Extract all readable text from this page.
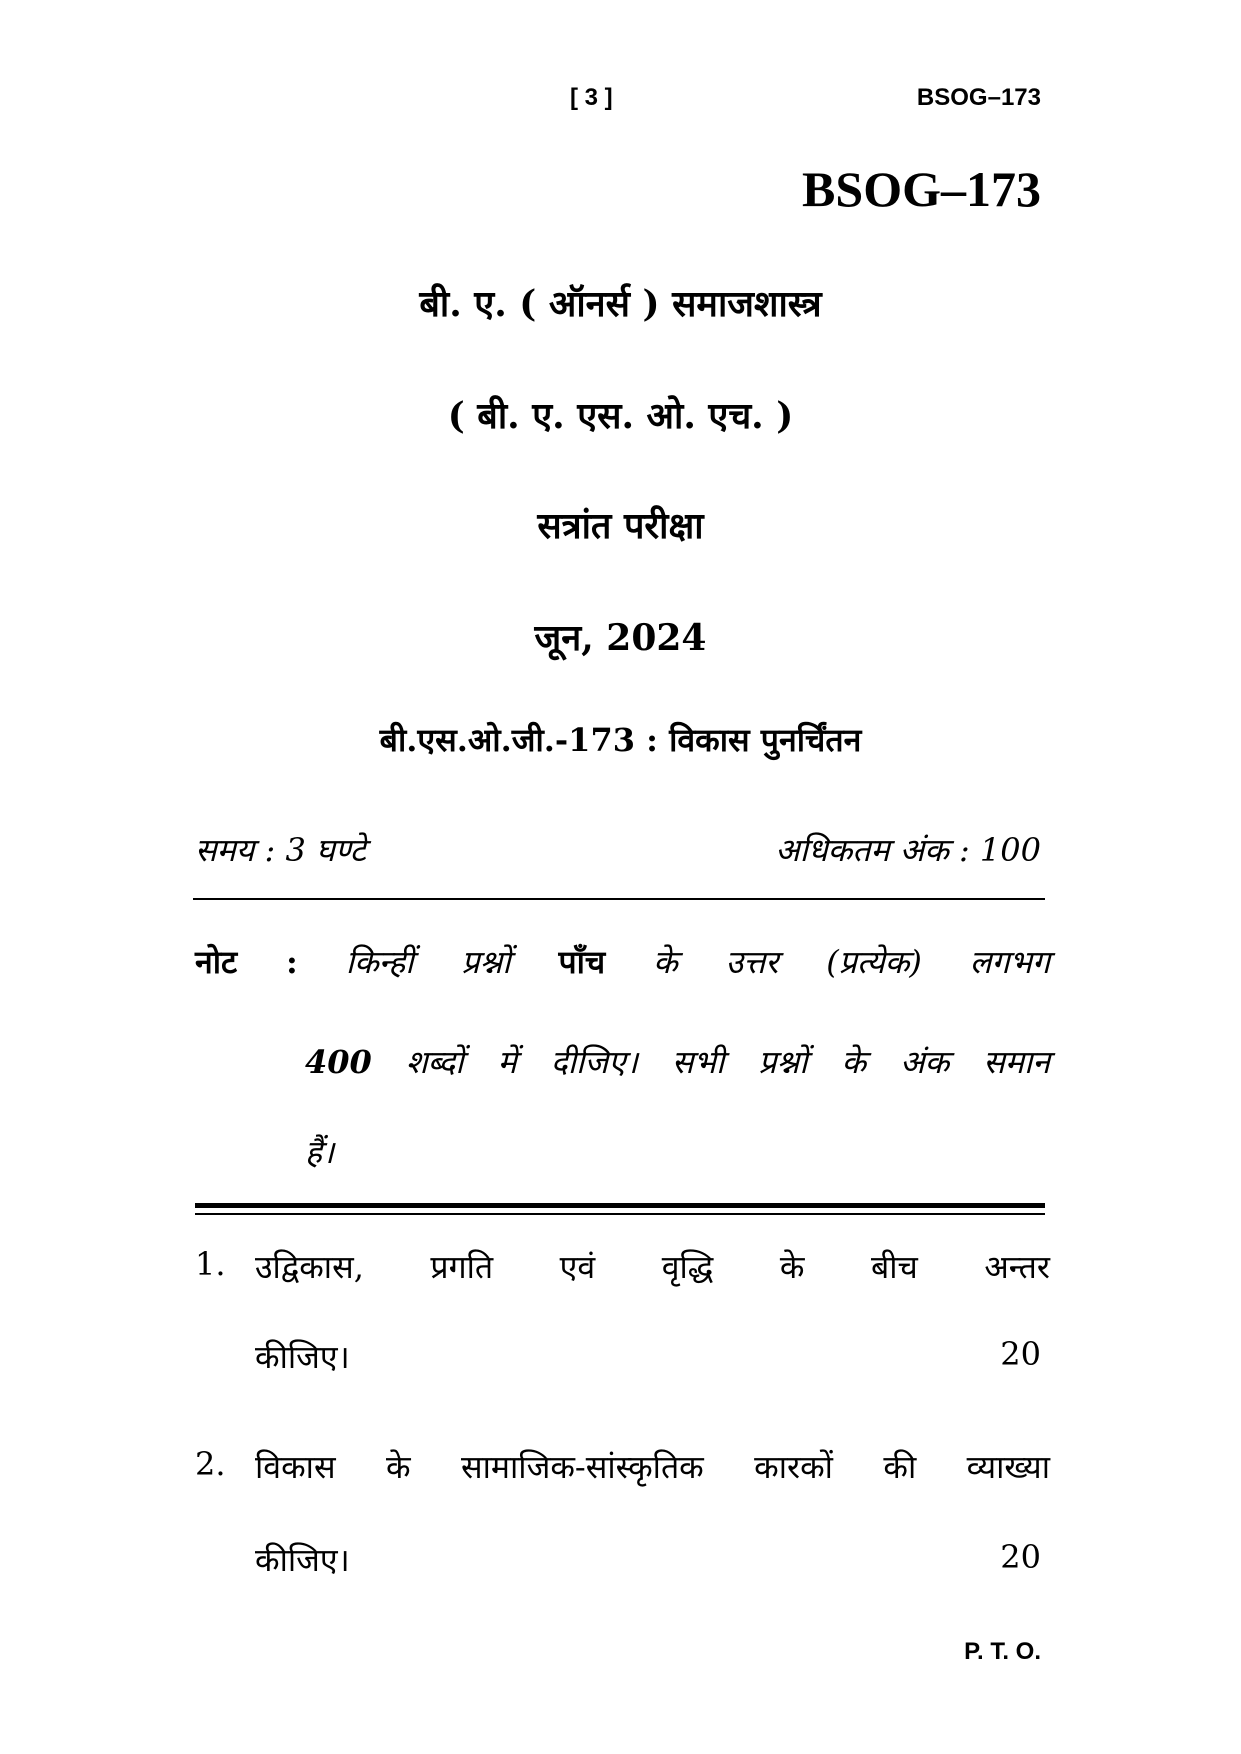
[ 3 ]	BSOG–173
BSOG–173
बी. ए. ( ऑनर्स ) समाजशास्त्र
( बी. ए. एस. ओ. एच. )
सत्रांत परीक्षा
जून, 2024
बी.एस.ओ.जी.-173 : विकास पुनर्चिंतन
समय : 3 घण्टे	अधिकतम अंक : 100
नोट : किन्हीं प्रश्नों पाँच के उत्तर (प्रत्येक) लगभग
400 शब्दों में दीजिए। सभी प्रश्नों के अंक समान
हैं।
1. उद्विकास, प्रगति एवं वृद्धि के बीच अन्तर
कीजिए।	20
2. विकास के सामाजिक-सांस्कृतिक कारकों की व्याख्या
कीजिए।	20
P. T. O.
